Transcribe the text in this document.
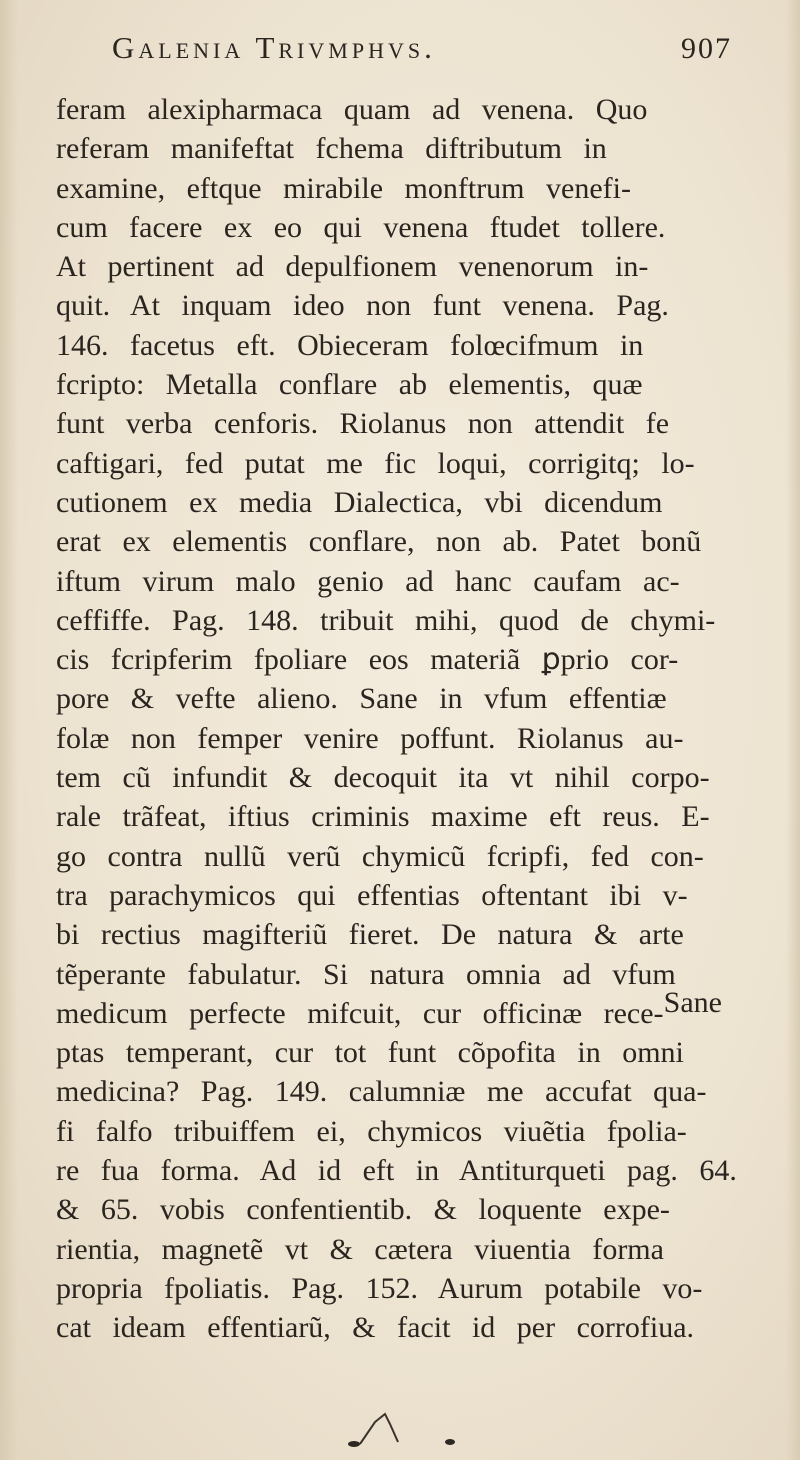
Galenia Trivmphvs.	907
feram alexipharmaca quam ad venena. Quo
referam manifeftat fchema diftributum in
examine, eftque mirabile monftrum venefi-
cum facere ex eo qui venena ftudet tollere.
At pertinent ad depulfionem venenorum in-
quit. At inquam ideo non funt venena. Pag.
146. facetus eft. Obieceram folœcifmum in
fcripto: Metalla conflare ab elementis, quæ
funt verba cenforis. Riolanus non attendit fe
caftigari, fed putat me fic loqui, corrigitq; lo-
cutionem ex media Dialectica, vbi dicendum
erat ex elementis conflare, non ab. Patet bonũ
iftum virum malo genio ad hanc caufam ac-
ceffiffe. Pag. 148. tribuit mihi, quod de chymi-
cis fcripferim fpoliare eos materiã ꝑprio cor-
pore & vefte alieno. Sane in vfum effentiæ
folæ non femper venire poffunt. Riolanus au-
tem cũ infundit & decoquit ita vt nihil corpo-
rale trãfeat, iftius criminis maxime eft reus. E-
go contra nullũ verũ chymicũ fcripfi, fed con-
tra parachymicos qui effentias oftentant ibi v-
bi rectius magifteriũ fieret. De natura & arte
tẽperante fabulatur. Si natura omnia ad vfum
medicum perfecte mifcuit, cur officinæ rece-
ptas temperant, cur tot funt cõpofita in omni
medicina? Pag. 149. calumniæ me accufat qua-
fi falfo tribuiffem ei, chymicos viuẽtia fpolia-
re fua forma. Ad id eft in Antiturqueti pag. 64.
& 65. vobis confentientib. & loquente expe-
rientia, magnetẽ vt & cætera viuentia forma
propria fpoliatis. Pag. 152. Aurum potabile vo-
cat ideam effentiarũ, & facit id per corrofiua.
Sane
